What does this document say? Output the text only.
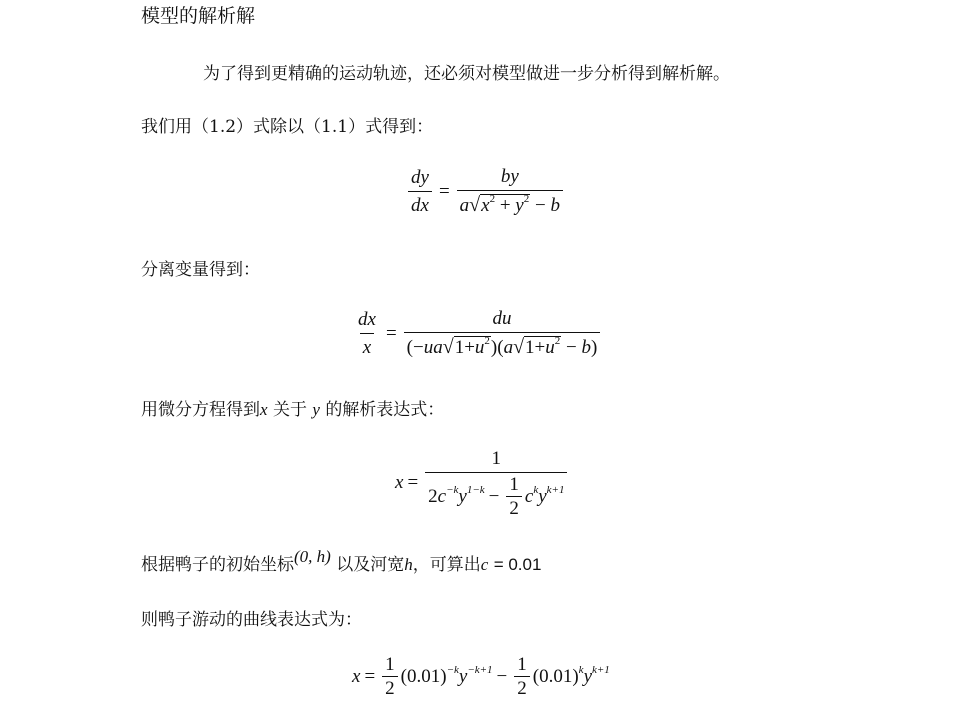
模型的解析解
为了得到更精确的运动轨迹，还必须对模型做进一步分析得到解析解。
我们用（1.2）式除以（1.1）式得到：
$\frac{dy}{dx} = \frac{by}{a√x^2 + y^2 - b}$
分离变量得到：
$\frac{dx}{x} = \frac{du}{(-ua√1+u^2)(a√1+u^2 - b)}$
用微分方程得到x 关于 y 的解析表达式：
$x = \frac{1}{2 c^{-k}y^{1-k} - \frac{1}{2} c^ky^{k+1}}$
根据鸭子的初始坐标(0, h) 以及河宽h，可算出c = 0.01
则鸭子游动的曲线表达式为：
$x = \frac{1}{2} (0.01)^{-k}$ $y^{-k+1} - \frac{1}{2} (0.01)^k$ $y^{k+1}$
